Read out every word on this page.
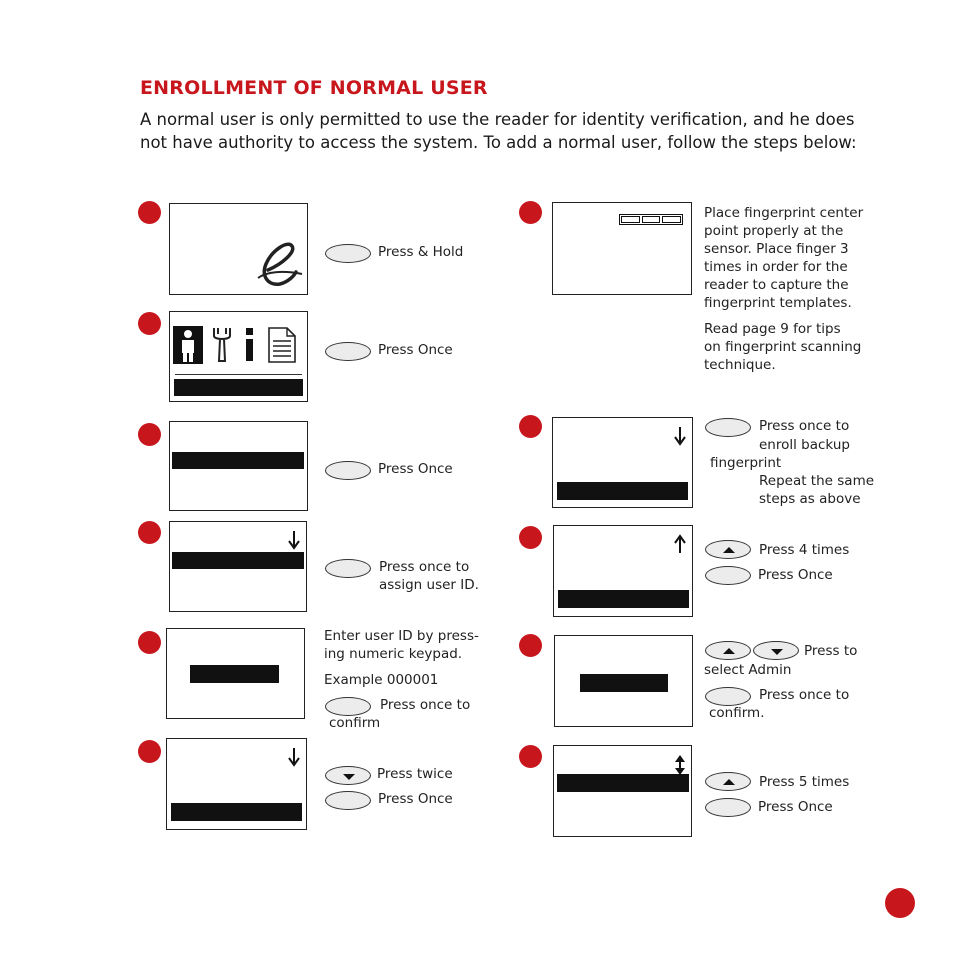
ENROLLMENT OF NORMAL USER
A normal user is only permitted to use the reader for identity verification, and he does not have authority to access the system. To add a normal user, follow the steps below:
Press & Hold
Press Once
Press Once
Press once to
assign user ID.
Enter user ID by press-
ing numeric keypad.
Example 000001
Press once to
confirm
Press twice
Press Once
Place fingerprint center
point properly at the
sensor. Place finger 3
times in order for the
reader to capture the
fingerprint templates.
Read page 9 for tips
on fingerprint scanning
technique.
Press once to
enroll backup
fingerprint
Repeat the same
steps as above
Press 4 times
Press Once
Press to
select Admin
Press once to
confirm.
Press 5 times
Press Once
